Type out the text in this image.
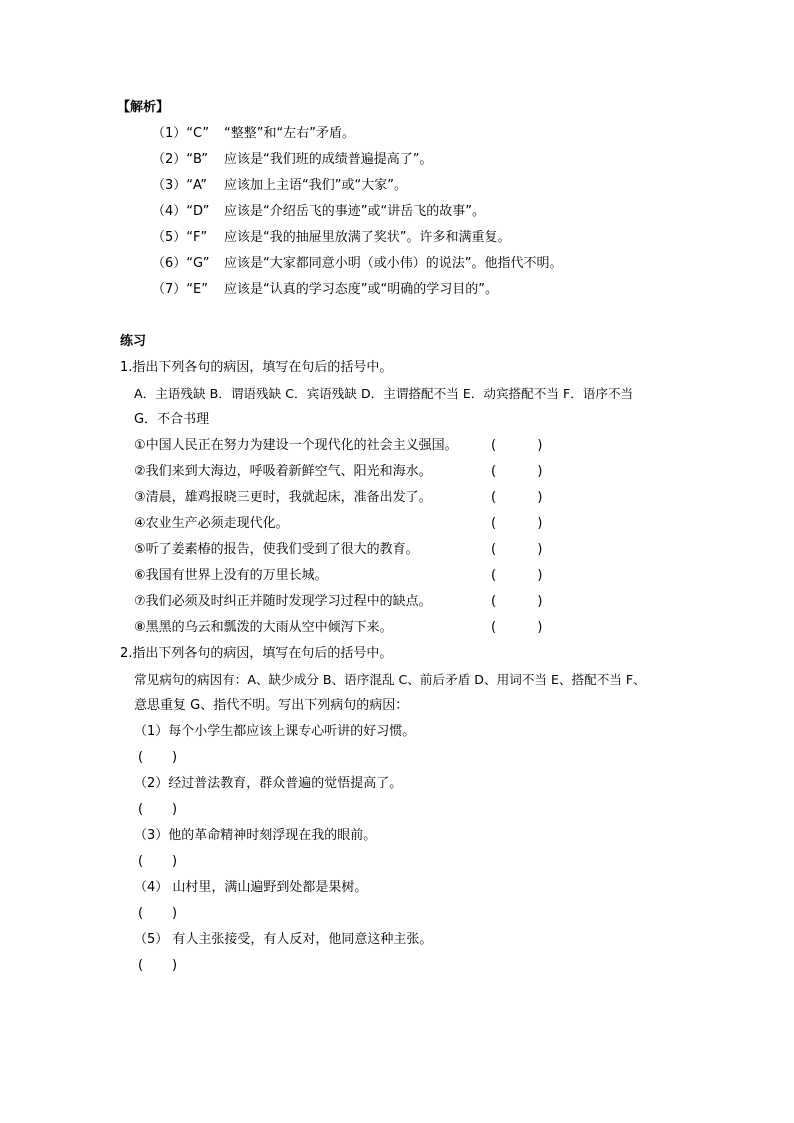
【解析】
（1）“C” “整整”和“左右”矛盾。
（2）“B” 应该是“我们班的成绩普遍提高了”。
（3）“A” 应该加上主语“我们”或“大家”。
（4）“D” 应该是“介绍岳飞的事迹”或“讲岳飞的故事”。
（5）“F” 应该是“我的抽屉里放满了奖状”。许多和满重复。
（6）“G” 应该是“大家都同意小明（或小伟）的说法”。他指代不明。
（7）“E” 应该是“认真的学习态度”或“明确的学习目的”。
练习
1.指出下列各句的病因，填写在句后的括号中。
A．主语残缺 B．谓语残缺 C．宾语残缺 D．主谓搭配不当 E．动宾搭配不当 F．语序不当
G．不合书理
①中国人民正在努力为建设一个现代化的社会主义强国。	(          )
②我们来到大海边，呼吸着新鲜空气、阳光和海水。	(          )
③清晨，雄鸡报晓三更时，我就起床，准备出发了。	(          )
④农业生产必须走现代化。	(          )
⑤听了姜素椿的报告，使我们受到了很大的教育。	(          )
⑥我国有世界上没有的万里长城。	(          )
⑦我们必须及时纠正并随时发现学习过程中的缺点。	(          )
⑧黑黑的乌云和瓢泼的大雨从空中倾泻下来。	(          )
2.指出下列各句的病因，填写在句后的括号中。
常见病句的病因有：A、缺少成分 B、语序混乱 C、前后矛盾 D、用词不当 E、搭配不当 F、
意思重复 G、指代不明。写出下列病句的病因：
（1）每个小学生都应该上课专心听讲的好习惯。
(       )
（2）经过普法教育，群众普遍的觉悟提高了。
(       )
（3）他的革命精神时刻浮现在我的眼前。
(       )
（4） 山村里，满山遍野到处都是果树。
(       )
（5） 有人主张接受，有人反对，他同意这种主张。
(       )
